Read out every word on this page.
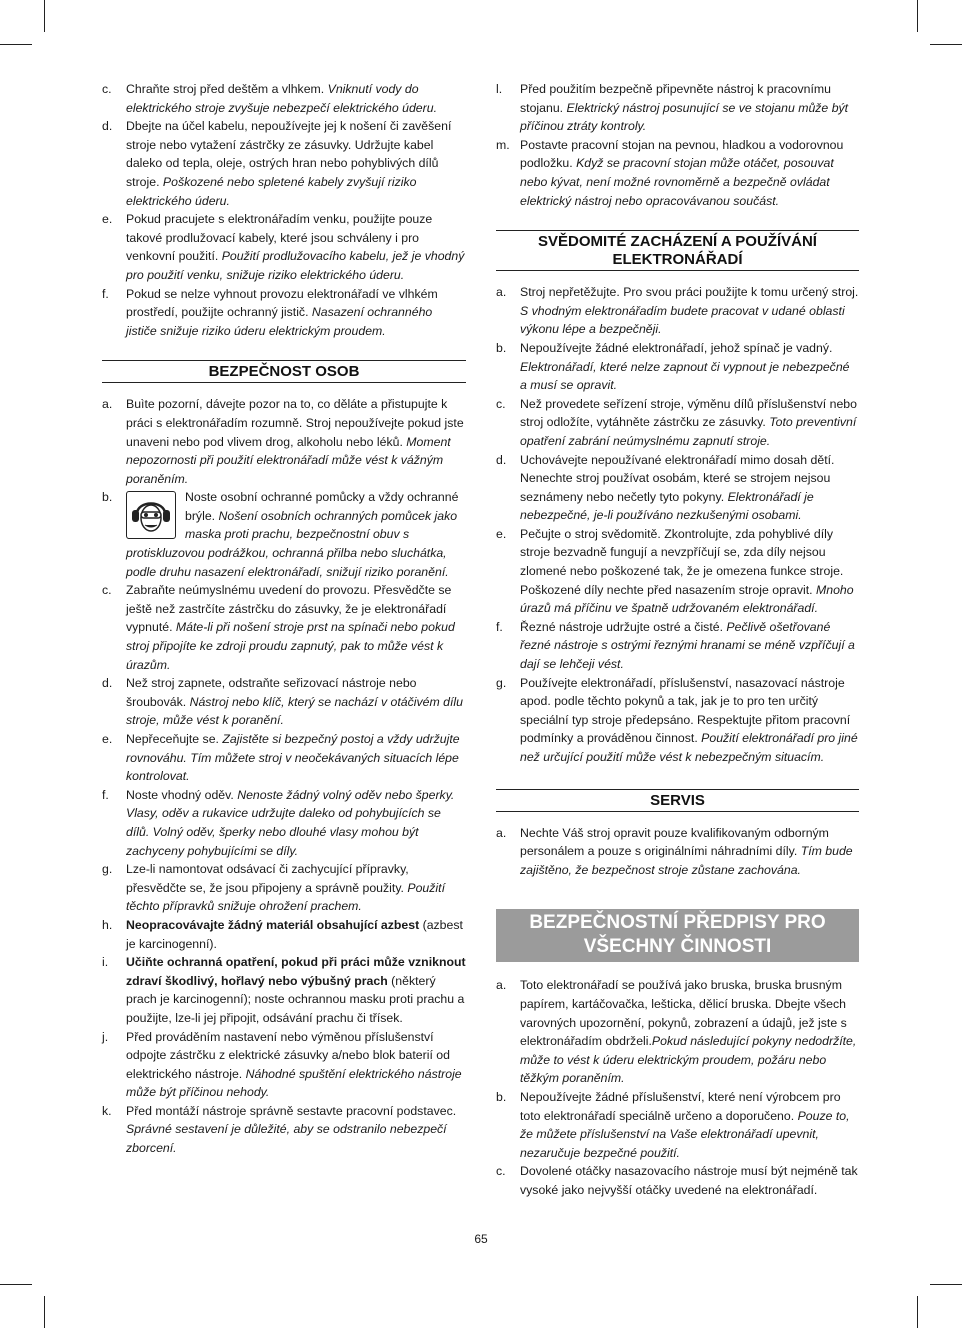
c. Chraňte stroj před deštěm a vlhkem. Vniknutí vody do elektrického stroje zvyšuje nebezpečí elektrického úderu.
d. Dbejte na účel kabelu, nepoužívejte jej k nošení či zavěšení stroje nebo vytažení zástrčky ze zásuvky. Udržujte kabel daleko od tepla, oleje, ostrých hran nebo pohyblivých dílů stroje. Poškozené nebo spletené kabely zvyšují riziko elektrického úderu.
e. Pokud pracujete s elektronářadím venku, použijte pouze takové prodlužovací kabely, které jsou schváleny i pro venkovní použití. Použití prodlužovacího kabelu, jež je vhodný pro použití venku, snižuje riziko elektrického úderu.
f. Pokud se nelze vyhnout provozu elektronářadí ve vlhkém prostředí, použijte ochranný jistič. Nasazení ochranného jističe snižuje riziko úderu elektrickým proudem.
BEZPEČNOST OSOB
a. Buìte pozorní, dávejte pozor na to, co děláte a přistupujte k práci s elektronářadím rozumně. Stroj nepoužívejte pokud jste unaveni nebo pod vlivem drog, alkoholu nebo léků. Moment nepozornosti při použití elektronářadí může vést k vážným poraněním.
b.	Noste osobní ochranné pomůcky a vždy ochranné brýle. Nošení osobních ochranných pomůcek jako maska proti prachu, bezpečnostní obuv s protiskluzovou podrážkou, ochranná přilba nebo sluchátka, podle druhu nasazení elektronářadí, snižují riziko poranění.
c. Zabraňte neúmyslnému uvedení do provozu. Přesvědčte se ještě než zastrčíte zástrčku do zásuvky, že je elektronářadí vypnuté. Máte-li při nošení stroje prst na spínači nebo pokud stroj připojíte ke zdroji proudu zapnutý, pak to může vést k úrazům.
d. Než stroj zapnete, odstraňte seřizovací nástroje nebo šroubovák. Nástroj nebo klíč, který se nachází v otáčivém dílu stroje, může vést k poranění.
e. Nepřeceňujte se. Zajistěte si bezpečný postoj a vždy udržujte rovnováhu. Tím můžete stroj v neočekávaných situacích lépe kontrolovat.
f. Noste vhodný oděv. Nenoste žádný volný oděv nebo šperky. Vlasy, oděv a rukavice udržujte daleko od pohybujících se dílů. Volný oděv, šperky nebo dlouhé vlasy mohou být zachyceny pohybujícími se díly.
g. Lze-li namontovat odsávací či zachycující přípravky, přesvědčte se, že jsou připojeny a správně použity. Použití těchto přípravků snižuje ohrožení prachem.
h. Neopracovávajte žádný materiál obsahující azbest (azbest je karcinogenní).
i. Učiňte ochranná opatření, pokud při práci může vzniknout zdraví škodlivý, hořlavý nebo výbušný prach (některý prach je karcinogenní); noste ochrannou masku proti prachu a použijte, lze-li jej připojit, odsávání prachu či třísek.
j. Před prováděním nastavení nebo výměnou příslušenství odpojte zástrčku z elektrické zásuvky a/nebo blok baterií od elektrického nástroje. Náhodné spuštění elektrického nástroje může být příčinou nehody.
k. Před montáží nástroje správně sestavte pracovní podstavec. Správné sestavení je důležité, aby se odstranilo nebezpečí zborcení.
l. Před použitím bezpečně připevněte nástroj k pracovnímu stojanu. Elektrický nástroj posunující se ve stojanu může být příčinou ztráty kontroly.
m. Postavte pracovní stojan na pevnou, hladkou a vodorovnou podložku. Když se pracovní stojan může otáčet, posouvat nebo kývat, není možné rovnoměrně a bezpečně ovládat elektrický nástroj nebo opracovávanou součást.
SVĚDOMITÉ ZACHÁZENÍ A POUŽÍVÁNÍ
ELEKTRONÁŘADÍ
a. Stroj nepřetěžujte. Pro svou práci použijte k tomu určený stroj. S vhodným elektronářadím budete pracovat v udané oblasti výkonu lépe a bezpečněji.
b. Nepoužívejte žádné elektronářadí, jehož spínač je vadný. Elektronářadí, které nelze zapnout či vypnout je nebezpečné a musí se opravit.
c. Než provedete seřízení stroje, výměnu dílů příslušenství nebo stroj odložíte, vytáhněte zástrčku ze zásuvky. Toto preventivní opatření zabrání neúmyslnému zapnutí stroje.
d. Uchovávejte nepoužívané elektronářadí mimo dosah dětí. Nenechte stroj používat osobám, které se strojem nejsou seznámeny nebo nečetly tyto pokyny. Elektronářadí je nebezpečné, je-li používáno nezkušenými osobami.
e. Pečujte o stroj svědomitě. Zkontrolujte, zda pohyblivé díly stroje bezvadně fungují a nevzpříčují se, zda díly nejsou zlomené nebo poškozené tak, že je omezena funkce stroje. Poškozené díly nechte před nasazením stroje opravit. Mnoho úrazů má příčinu ve špatně udržovaném elektronářadí.
f. Řezné nástroje udržujte ostré a čisté. Pečlivě ošetřované řezné nástroje s ostrými řeznými hranami se méně vzpříčují a dají se lehčeji vést.
g. Používejte elektronářadí, příslušenství, nasazovací nástroje apod. podle těchto pokynů a tak, jak je to pro ten určitý speciální typ stroje předepsáno. Respektujte přitom pracovní podmínky a prováděnou činnost. Použití elektronářadí pro jiné než určující použití může vést k nebezpečným situacím.
SERVIS
a. Nechte Váš stroj opravit pouze kvalifikovaným odborným personálem a pouze s originálními náhradními díly. Tím bude zajištěno, že bezpečnost stroje zůstane zachována.
BEZPEČNOSTNÍ PŘEDPISY PRO
VŠECHNY ČINNOSTI
a. Toto elektronářadí se používá jako bruska, bruska brusným papírem, kartáčovačka, lešticka, dělicí bruska. Dbejte všech varovných upozornění, pokynů, zobrazení a údajů, jež jste s elektronářadím obdrželi.Pokud následující pokyny nedodržíte, může to vést k úderu elektrickým proudem, požáru nebo těžkým poraněním.
b. Nepoužívejte žádné příslušenství, které není výrobcem pro toto elektronářadí speciálně určeno a doporučeno. Pouze to, že můžete příslušenství na Vaše elektronářadí upevnit, nezaručuje bezpečné použití.
c. Dovolené otáčky nasazovacího nástroje musí být nejméně tak vysoké jako nejvyšší otáčky uvedené na elektronářadí.
65
